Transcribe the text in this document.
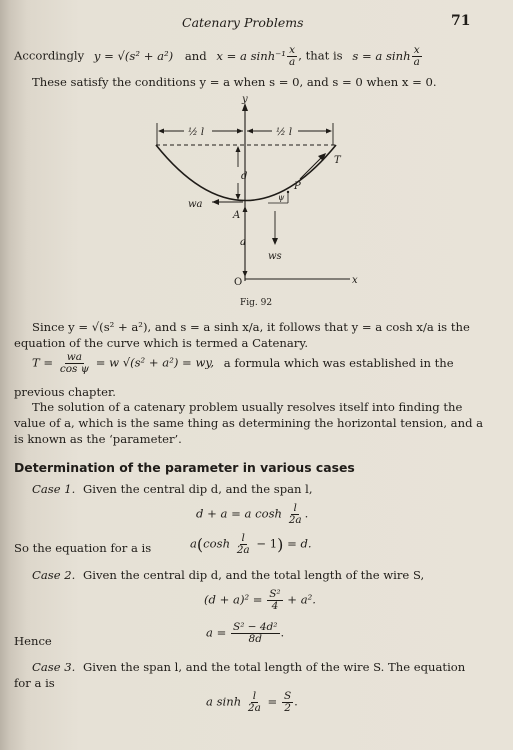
Catenary Problems	71
Accordingly y = √(s² + a²) and x = a $\sinh^{-1} \frac{x}{a}$ , that is s = a $\sinh \frac{x}{a}$
These satisfy the conditions y = a when s = 0, and s = 0 when x = 0.
y
x
O
½ l	½ l
d
wa
A
a
P
ψ
ws
T
Fig. 92
Since y = √(s² + a²), and s = a sinh x/a, it follows that y = a cosh x/a is the
equation of the curve which is termed a Catenary.
$T = \frac{wa}{\text{cos ψ}} = w$ √(s² + a²) = wy, a formula which was established in the
previous chapter.
The solution of a catenary problem usually resolves itself into finding the
value of a, which is the same thing as determining the horizontal tension, and a
is known as the ‘parameter’.
Determination of the parameter in various cases
Case 1. Given the central dip d, and the span l,
d + a = a $\cosh \frac{l}{2a}$ .
So the equation for a is	$a(\cosh \frac{l}{2a} - 1) = d$.
Case 2. Given the central dip d, and the total length of the wire S,
$(d + a)^2 = \frac{\text{S²}}{4} + a^2$.
Hence
$a = \frac{\text{S² − 4d²}}{8d}$ .
Case 3. Given the span l, and the total length of the wire S. The equation
for a is
a $\sinh \frac{l}{2a} = \frac{S}{2}$ .
